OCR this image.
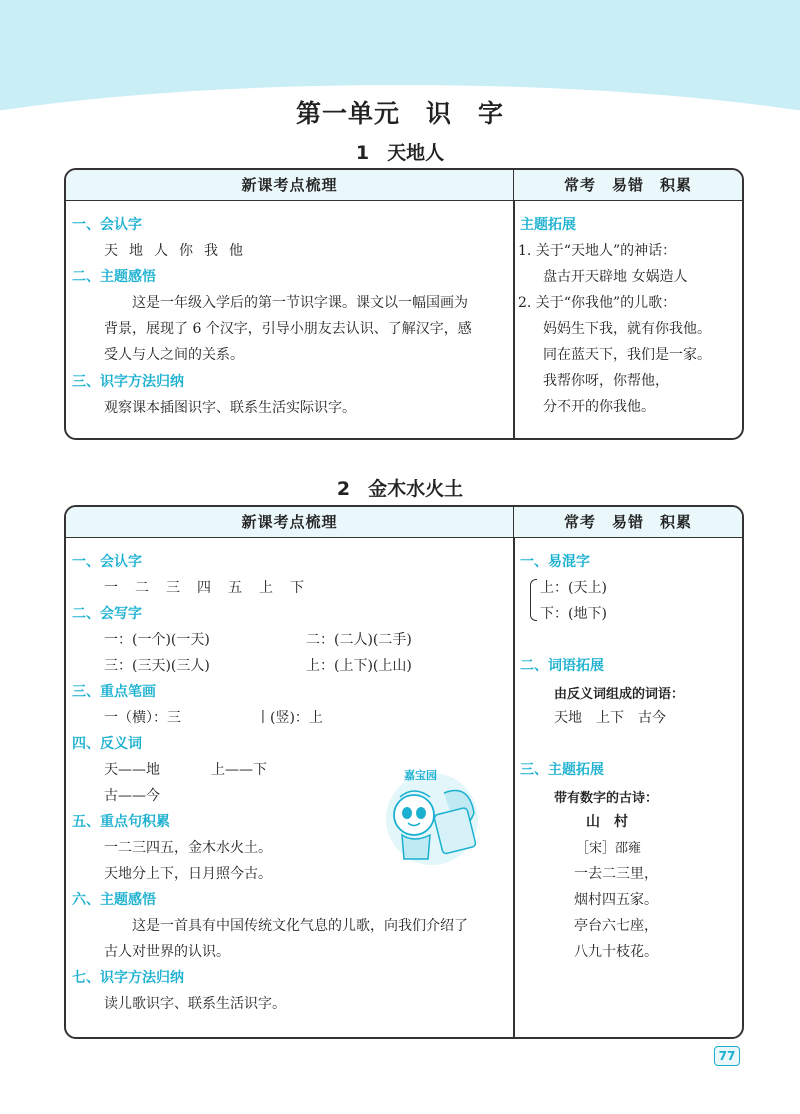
第一单元　识　字
1 天地人
新课考点梳理	常考　易错　积累
一、会认字
天地人你我他
二、主题感悟
这是一年级入学后的第一节识字课。课文以一幅国画为
背景，展现了 6 个汉字，引导小朋友去认识、了解汉字，感
受人与人之间的关系。
三、识字方法归纳
观察课本插图识字、联系生活实际识字。
主题拓展
1. 关于“天地人”的神话：
盘古开天辟地 女娲造人
2. 关于“你我他”的儿歌：
妈妈生下我，就有你我他。
同在蓝天下，我们是一家。
我帮你呀，你帮他，
分不开的你我他。
2 金木水火土
新课考点梳理	常考　易错　积累
一、会认字
一二三四五上下
二、会写字
一：(一个)(一天)	二：(二人)(二手)
三：(三天)(三人)	上：(上下)(上山)
三、重点笔画
一（横）：三	丨(竖)：上
四、反义词
天——地	上——下
古——今
五、重点句积累
一二三四五，金木水火土。
天地分上下，日月照今古。
六、主题感悟
这是一首具有中国传统文化气息的儿歌，向我们介绍了
古人对世界的认识。
七、识字方法归纳
读儿歌识字、联系生活识字。
嘉宝园
一、易混字
上：(天上)
下：(地下)
二、词语拓展
由反义词组成的词语：
天地　上下　古今
三、主题拓展
带有数字的古诗：
山　村
［宋］邵雍
一去二三里，
烟村四五家。
亭台六七座，
八九十枝花。
77
